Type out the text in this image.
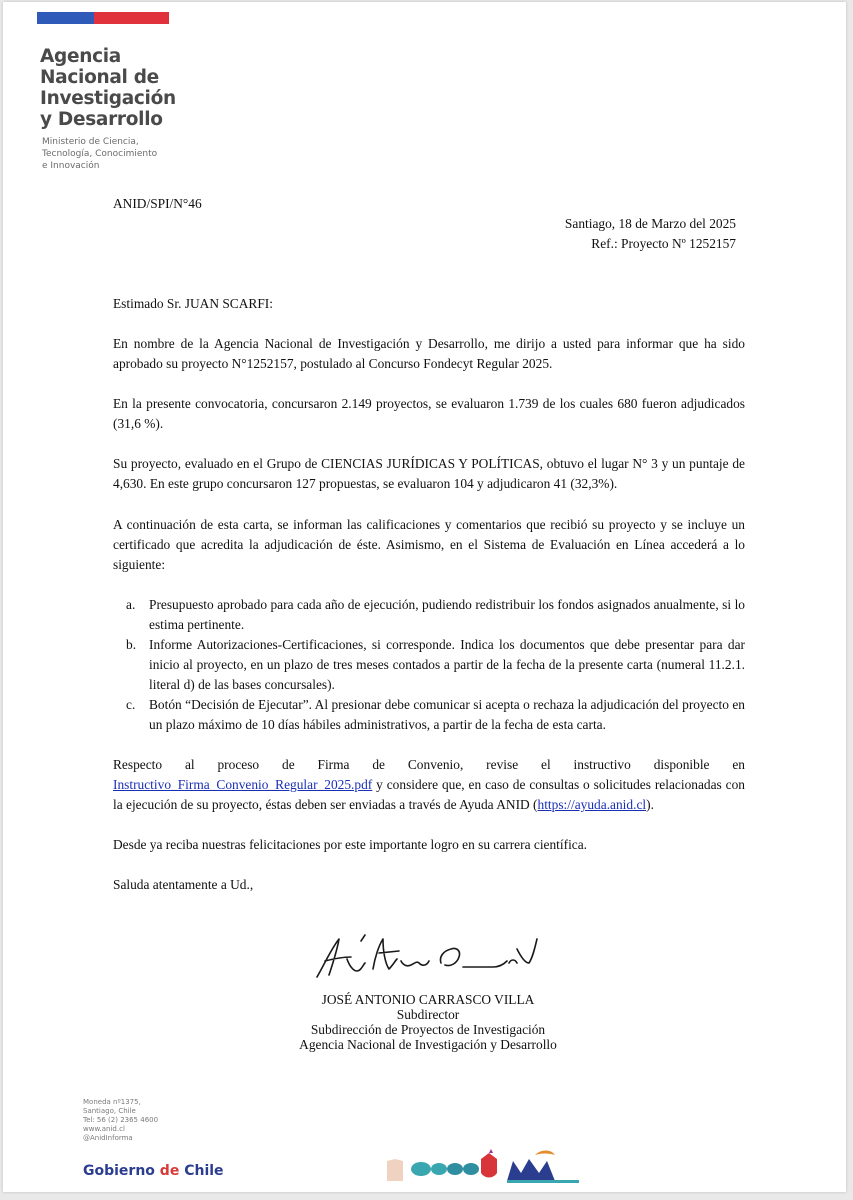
Agencia
Nacional de
Investigación
y Desarrollo
Ministerio de Ciencia,
Tecnología, Conocimiento
e Innovación
ANID/SPI/N°46
Santiago, 18 de Marzo del 2025
Ref.: Proyecto Nº 1252157

Estimado Sr. JUAN SCARFI:

En nombre de la Agencia Nacional de Investigación y Desarrollo, me dirijo a usted para informar que ha sido aprobado su proyecto N°1252157, postulado al Concurso Fondecyt Regular 2025.

En la presente convocatoria, concursaron 2.149 proyectos, se evaluaron 1.739 de los cuales 680 fueron adjudicados (31,6 %).

Su proyecto, evaluado en el Grupo de CIENCIAS JURÍDICAS Y POLÍTICAS, obtuvo el lugar N° 3 y un puntaje de 4,630. En este grupo concursaron 127 propuestas, se evaluaron 104 y adjudicaron 41 (32,3%).

A continuación de esta carta, se informan las calificaciones y comentarios que recibió su proyecto y se incluye un certificado que acredita la adjudicación de éste. Asimismo, en el Sistema de Evaluación en Línea accederá a lo siguiente:

a. Presupuesto aprobado para cada año de ejecución, pudiendo redistribuir los fondos asignados anualmente, si lo estima pertinente.
b. Informe Autorizaciones-Certificaciones, si corresponde. Indica los documentos que debe presentar para dar inicio al proyecto, en un plazo de tres meses contados a partir de la fecha de la presente carta (numeral 11.2.1. literal d) de las bases concursales).
c. Botón “Decisión de Ejecutar”. Al presionar debe comunicar si acepta o rechaza la adjudicación del proyecto en un plazo máximo de 10 días hábiles administrativos, a partir de la fecha de esta carta.

Respecto al proceso de Firma de Convenio, revise el instructivo disponible en Instructivo_Firma_Convenio_Regular_2025.pdf y considere que, en caso de consultas o solicitudes relacionadas con la ejecución de su proyecto, éstas deben ser enviadas a través de Ayuda ANID (https://ayuda.anid.cl).

Desde ya reciba nuestras felicitaciones por este importante logro en su carrera científica.

Saluda atentamente a Ud.,

JOSÉ ANTONIO CARRASCO VILLA
Subdirector
Subdirección de Proyectos de Investigación
Agencia Nacional de Investigación y Desarrollo
Moneda nº1375,
Santiago, Chile
Tel: 56 (2) 2365 4600
www.anid.cl
@AnidInforma
Gobierno de Chile
